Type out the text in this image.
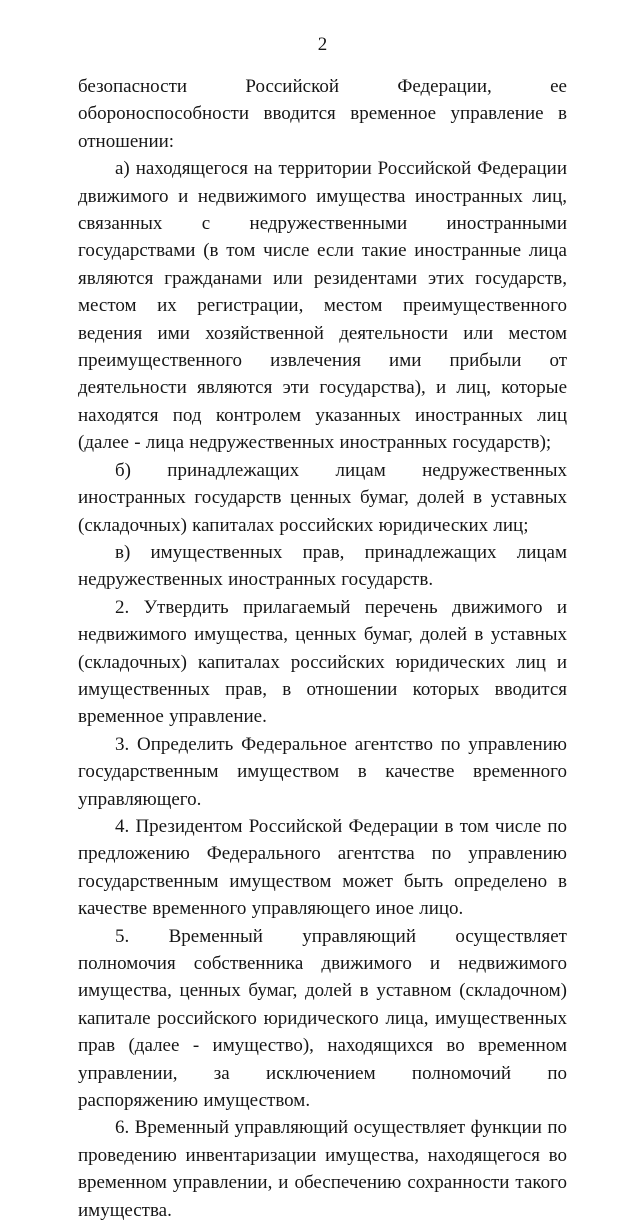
2

безопасности Российской Федерации, ее обороноспособности вводится временное управление в отношении:

а) находящегося на территории Российской Федерации движимого и недвижимого имущества иностранных лиц, связанных с недружественными иностранными государствами (в том числе если такие иностранные лица являются гражданами или резидентами этих государств, местом их регистрации, местом преимущественного ведения ими хозяйственной деятельности или местом преимущественного извлечения ими прибыли от деятельности являются эти государства), и лиц, которые находятся под контролем указанных иностранных лиц (далее - лица недружественных иностранных государств);

б) принадлежащих лицам недружественных иностранных государств ценных бумаг, долей в уставных (складочных) капиталах российских юридических лиц;

в) имущественных прав, принадлежащих лицам недружественных иностранных государств.

2. Утвердить прилагаемый перечень движимого и недвижимого имущества, ценных бумаг, долей в уставных (складочных) капиталах российских юридических лиц и имущественных прав, в отношении которых вводится временное управление.

3. Определить Федеральное агентство по управлению государственным имуществом в качестве временного управляющего.

4. Президентом Российской Федерации в том числе по предложению Федерального агентства по управлению государственным имуществом может быть определено в качестве временного управляющего иное лицо.

5. Временный управляющий осуществляет полномочия собственника движимого и недвижимого имущества, ценных бумаг, долей в уставном (складочном) капитале российского юридического лица, имущественных прав (далее - имущество), находящихся во временном управлении, за исключением полномочий по распоряжению имуществом.

6. Временный управляющий осуществляет функции по проведению инвентаризации имущества, находящегося во временном управлении, и обеспечению сохранности такого имущества.
